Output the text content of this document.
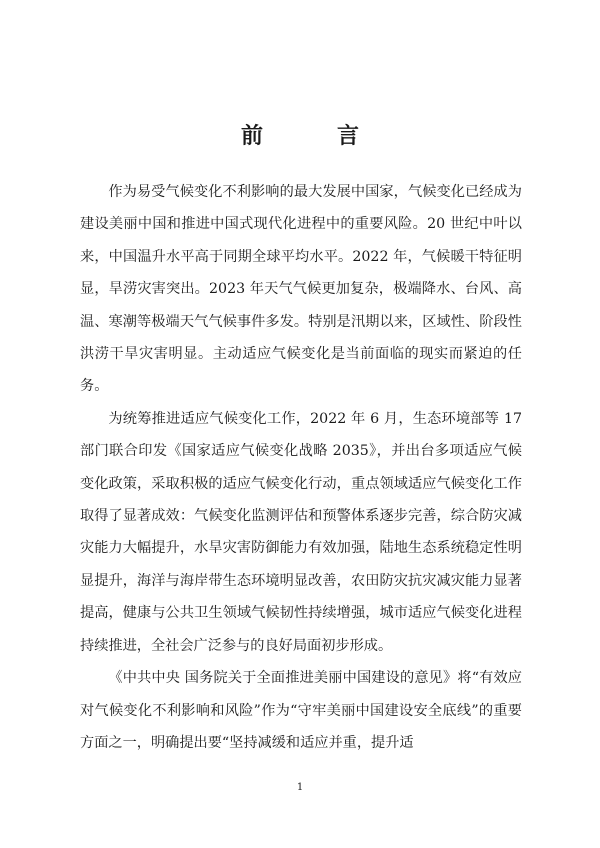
前　言

作为易受气候变化不利影响的最大发展中国家，气候变化已经成为建设美丽中国和推进中国式现代化进程中的重要风险。20 世纪中叶以来，中国温升水平高于同期全球平均水平。2022 年，气候暖干特征明显，旱涝灾害突出。2023 年天气气候更加复杂，极端降水、台风、高温、寒潮等极端天气气候事件多发。特别是汛期以来，区域性、阶段性洪涝干旱灾害明显。主动适应气候变化是当前面临的现实而紧迫的任务。

为统筹推进适应气候变化工作，2022 年 6 月，生态环境部等 17 部门联合印发《国家适应气候变化战略 2035》，并出台多项适应气候变化政策，采取积极的适应气候变化行动，重点领域适应气候变化工作取得了显著成效：气候变化监测评估和预警体系逐步完善，综合防灾减灾能力大幅提升，水旱灾害防御能力有效加强，陆地生态系统稳定性明显提升，海洋与海岸带生态环境明显改善，农田防灾抗灾减灾能力显著提高，健康与公共卫生领域气候韧性持续增强，城市适应气候变化进程持续推进，全社会广泛参与的良好局面初步形成。

《中共中央 国务院关于全面推进美丽中国建设的意见》将“有效应对气候变化不利影响和风险”作为“守牢美丽中国建设安全底线”的重要方面之一，明确提出要“坚持减缓和适应并重，提升适

1
